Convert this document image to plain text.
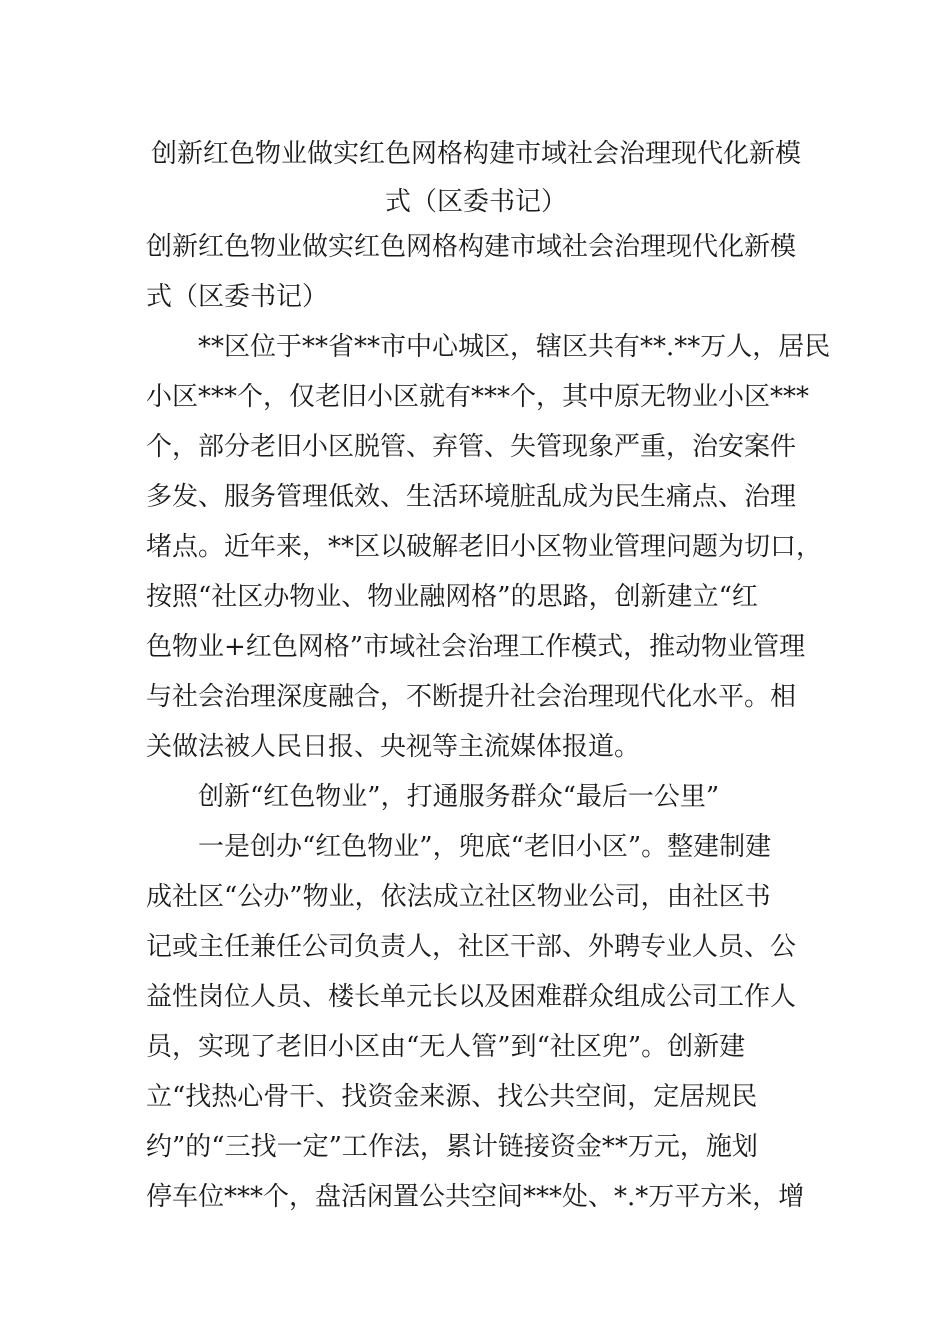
创新红色物业做实红色网格构建市域社会治理现代化新模
式（区委书记）
创新红色物业做实红色网格构建市域社会治理现代化新模
式（区委书记）
　　**区位于**省**市中心城区，辖区共有**.**万人，居民
小区***个，仅老旧小区就有***个，其中原无物业小区***
个，部分老旧小区脱管、弃管、失管现象严重，治安案件
多发、服务管理低效、生活环境脏乱成为民生痛点、治理
堵点。近年来，**区以破解老旧小区物业管理问题为切口，
按照“社区办物业、物业融网格”的思路，创新建立“红
色物业+红色网格”市域社会治理工作模式，推动物业管理
与社会治理深度融合，不断提升社会治理现代化水平。相
关做法被人民日报、央视等主流媒体报道。
　　创新“红色物业”，打通服务群众“最后一公里”
　　一是创办“红色物业”，兜底“老旧小区”。整建制建
成社区“公办”物业，依法成立社区物业公司，由社区书
记或主任兼任公司负责人，社区干部、外聘专业人员、公
益性岗位人员、楼长单元长以及困难群众组成公司工作人
员，实现了老旧小区由“无人管”到“社区兜”。创新建
立“找热心骨干、找资金来源、找公共空间，定居规民
约”的“三找一定”工作法，累计链接资金**万元，施划
停车位***个，盘活闲置公共空间***处、*.*万平方米，增
